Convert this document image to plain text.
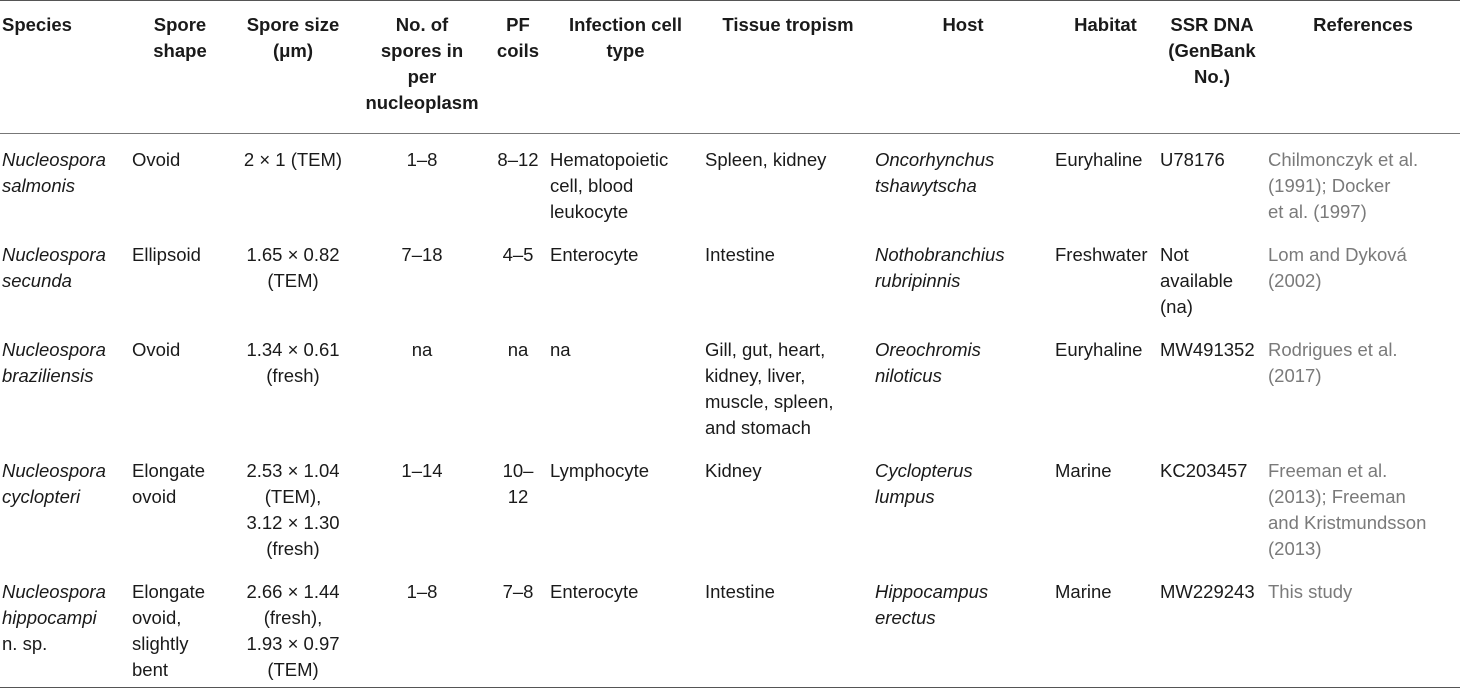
Species	Spore
shape	Spore size
(μm)	No. of
spores in
per
nucleoplasm	PF
coils	Infection cell
type	Tissue tropism	Host	Habitat	SSR DNA
(GenBank
No.)	References

Nucleospora
salmonis	Ovoid	2 × 1 (TEM)	1–8	8–12	Hematopoietic
cell, blood
leukocyte	Spleen, kidney	Oncorhynchus
tshawytscha	Euryhaline	U78176	Chilmonczyk et al.
(1991); Docker
et al. (1997)

Nucleospora
secunda	Ellipsoid	1.65 × 0.82
(TEM)	7–18	4–5	Enterocyte	Intestine	Nothobranchius
rubripinnis	Freshwater	Not
available
(na)	Lom and Dyková
(2002)

Nucleospora
braziliensis	Ovoid	1.34 × 0.61
(fresh)	na	na	na	Gill, gut, heart,
kidney, liver,
muscle, spleen,
and stomach	Oreochromis
niloticus	Euryhaline	MW491352	Rodrigues et al.
(2017)

Nucleospora
cyclopteri	Elongate
ovoid	2.53 × 1.04
(TEM),
3.12 × 1.30
(fresh)	1–14	10–
12	Lymphocyte	Kidney	Cyclopterus
lumpus	Marine	KC203457	Freeman et al.
(2013); Freeman
and Kristmundsson
(2013)

Nucleospora
hippocampi
n. sp.	Elongate
ovoid,
slightly
bent	2.66 × 1.44
(fresh),
1.93 × 0.97
(TEM)	1–8	7–8	Enterocyte	Intestine	Hippocampus
erectus	Marine	MW229243	This study
